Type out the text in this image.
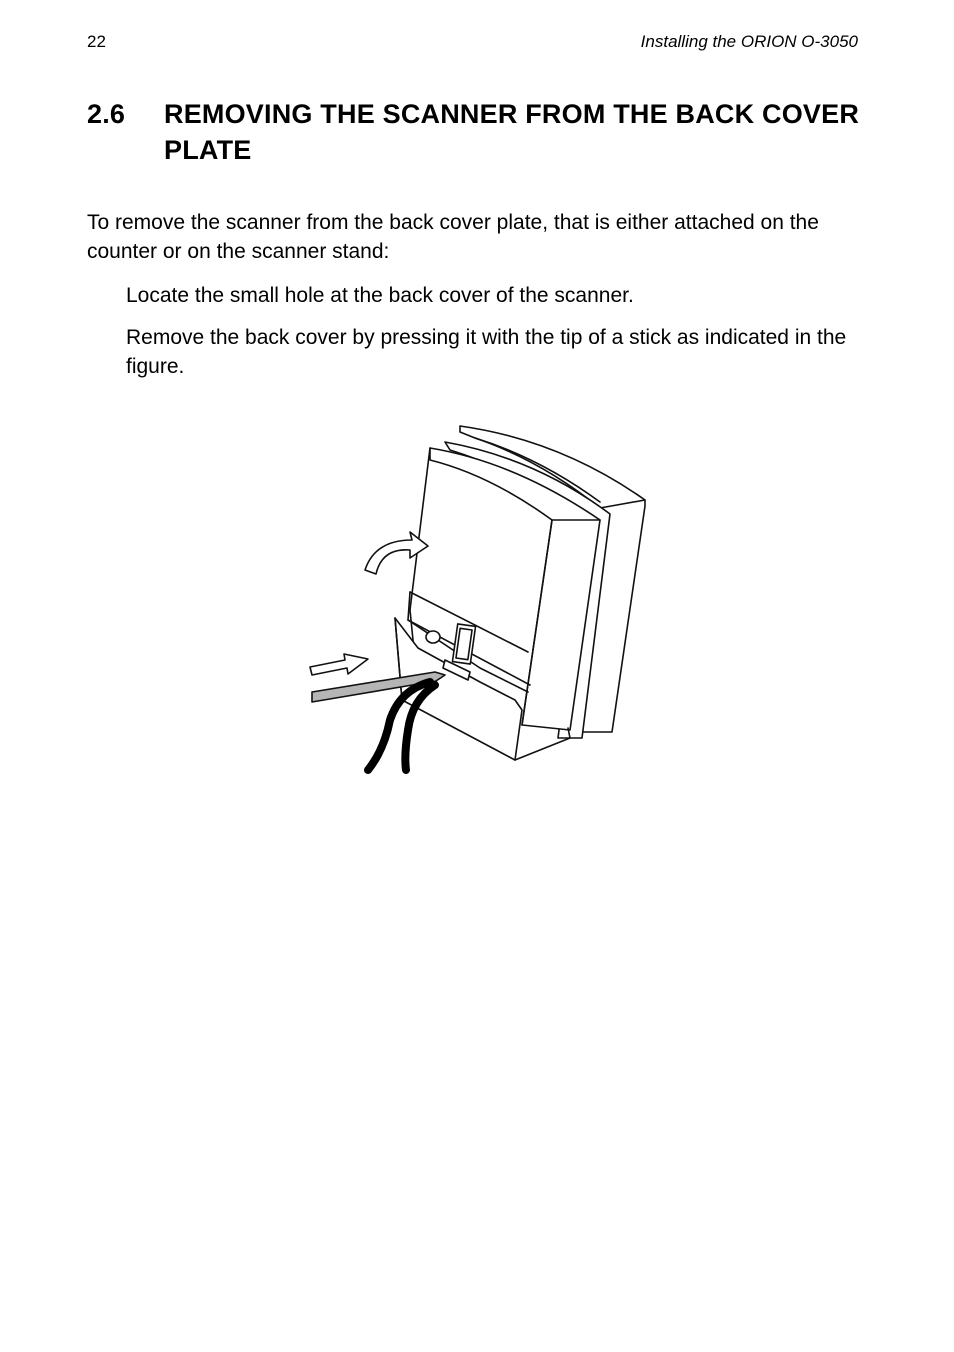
22	Installing the ORION O-3050
2.6	REMOVING THE SCANNER FROM THE BACK COVER PLATE

To remove the scanner from the back cover plate, that is either attached on the counter or on the scanner stand:

Locate the small hole at the back cover of the scanner.

Remove the back cover by pressing it with the tip of a stick as indicated in the figure.
